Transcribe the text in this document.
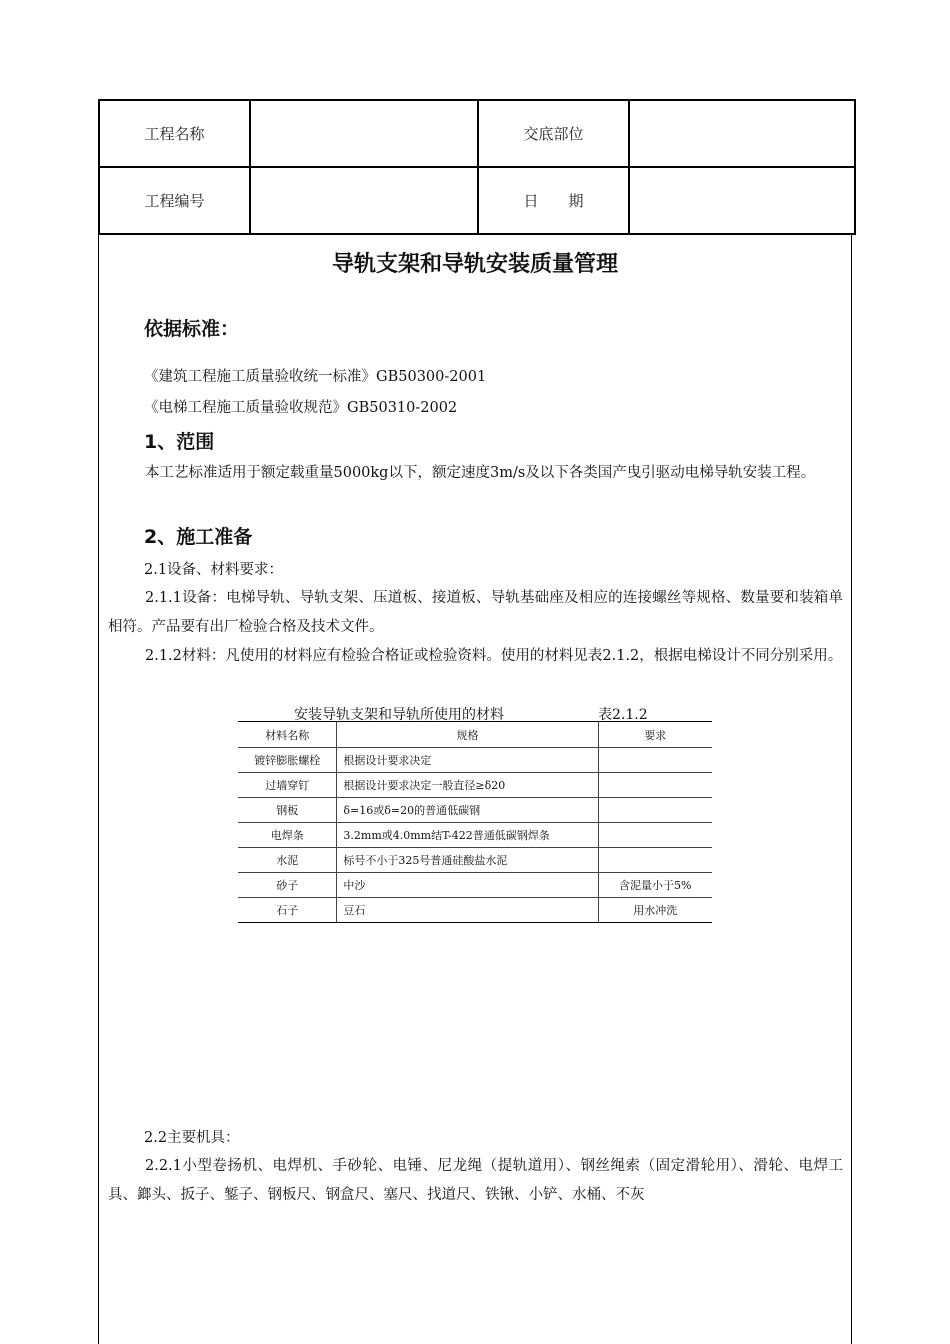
工程名称		交底部位	
工程编号		日　　期	
导轨支架和导轨安装质量管理
依据标准：
《建筑工程施工质量验收统一标准》GB50300-2001
《电梯工程施工质量验收规范》GB50310-2002
1、范围
本工艺标准适用于额定载重量5000kg以下，额定速度3m/s及以下各类国产曳引驱动电梯导轨安装工程。
2、施工准备
2.1设备、材料要求：
2.1.1设备：电梯导轨、导轨支架、压道板、接道板、导轨基础座及相应的连接螺丝等规格、数量要和装箱单相符。产品要有出厂检验合格及技术文件。
2.1.2材料：凡使用的材料应有检验合格证或检验资料。使用的材料见表2.1.2，根据电梯设计不同分别采用。
安装导轨支架和导轨所使用的材料	表2.1.2
材料名称	规格	要求
镀锌膨胀螺栓	根据设计要求决定	
过墙穿钉	根据设计要求决定一般直径≥δ20	
钢板	δ=16或δ=20的普通低碳钢	
电焊条	3.2mm或4.0mm结T-422普通低碳钢焊条	
水泥	标号不小于325号普通硅酸盐水泥	
砂子	中沙	含泥量小于5%
石子	豆石	用水冲洗
2.2主要机具：
2.2.1小型卷扬机、电焊机、手砂轮、电锤、尼龙绳（提轨道用）、钢丝绳索（固定滑轮用）、滑轮、电焊工具、鎯头、扳子、錾子、钢板尺、钢盒尺、塞尺、找道尺、铁锹、小铲、水桶、不灰
